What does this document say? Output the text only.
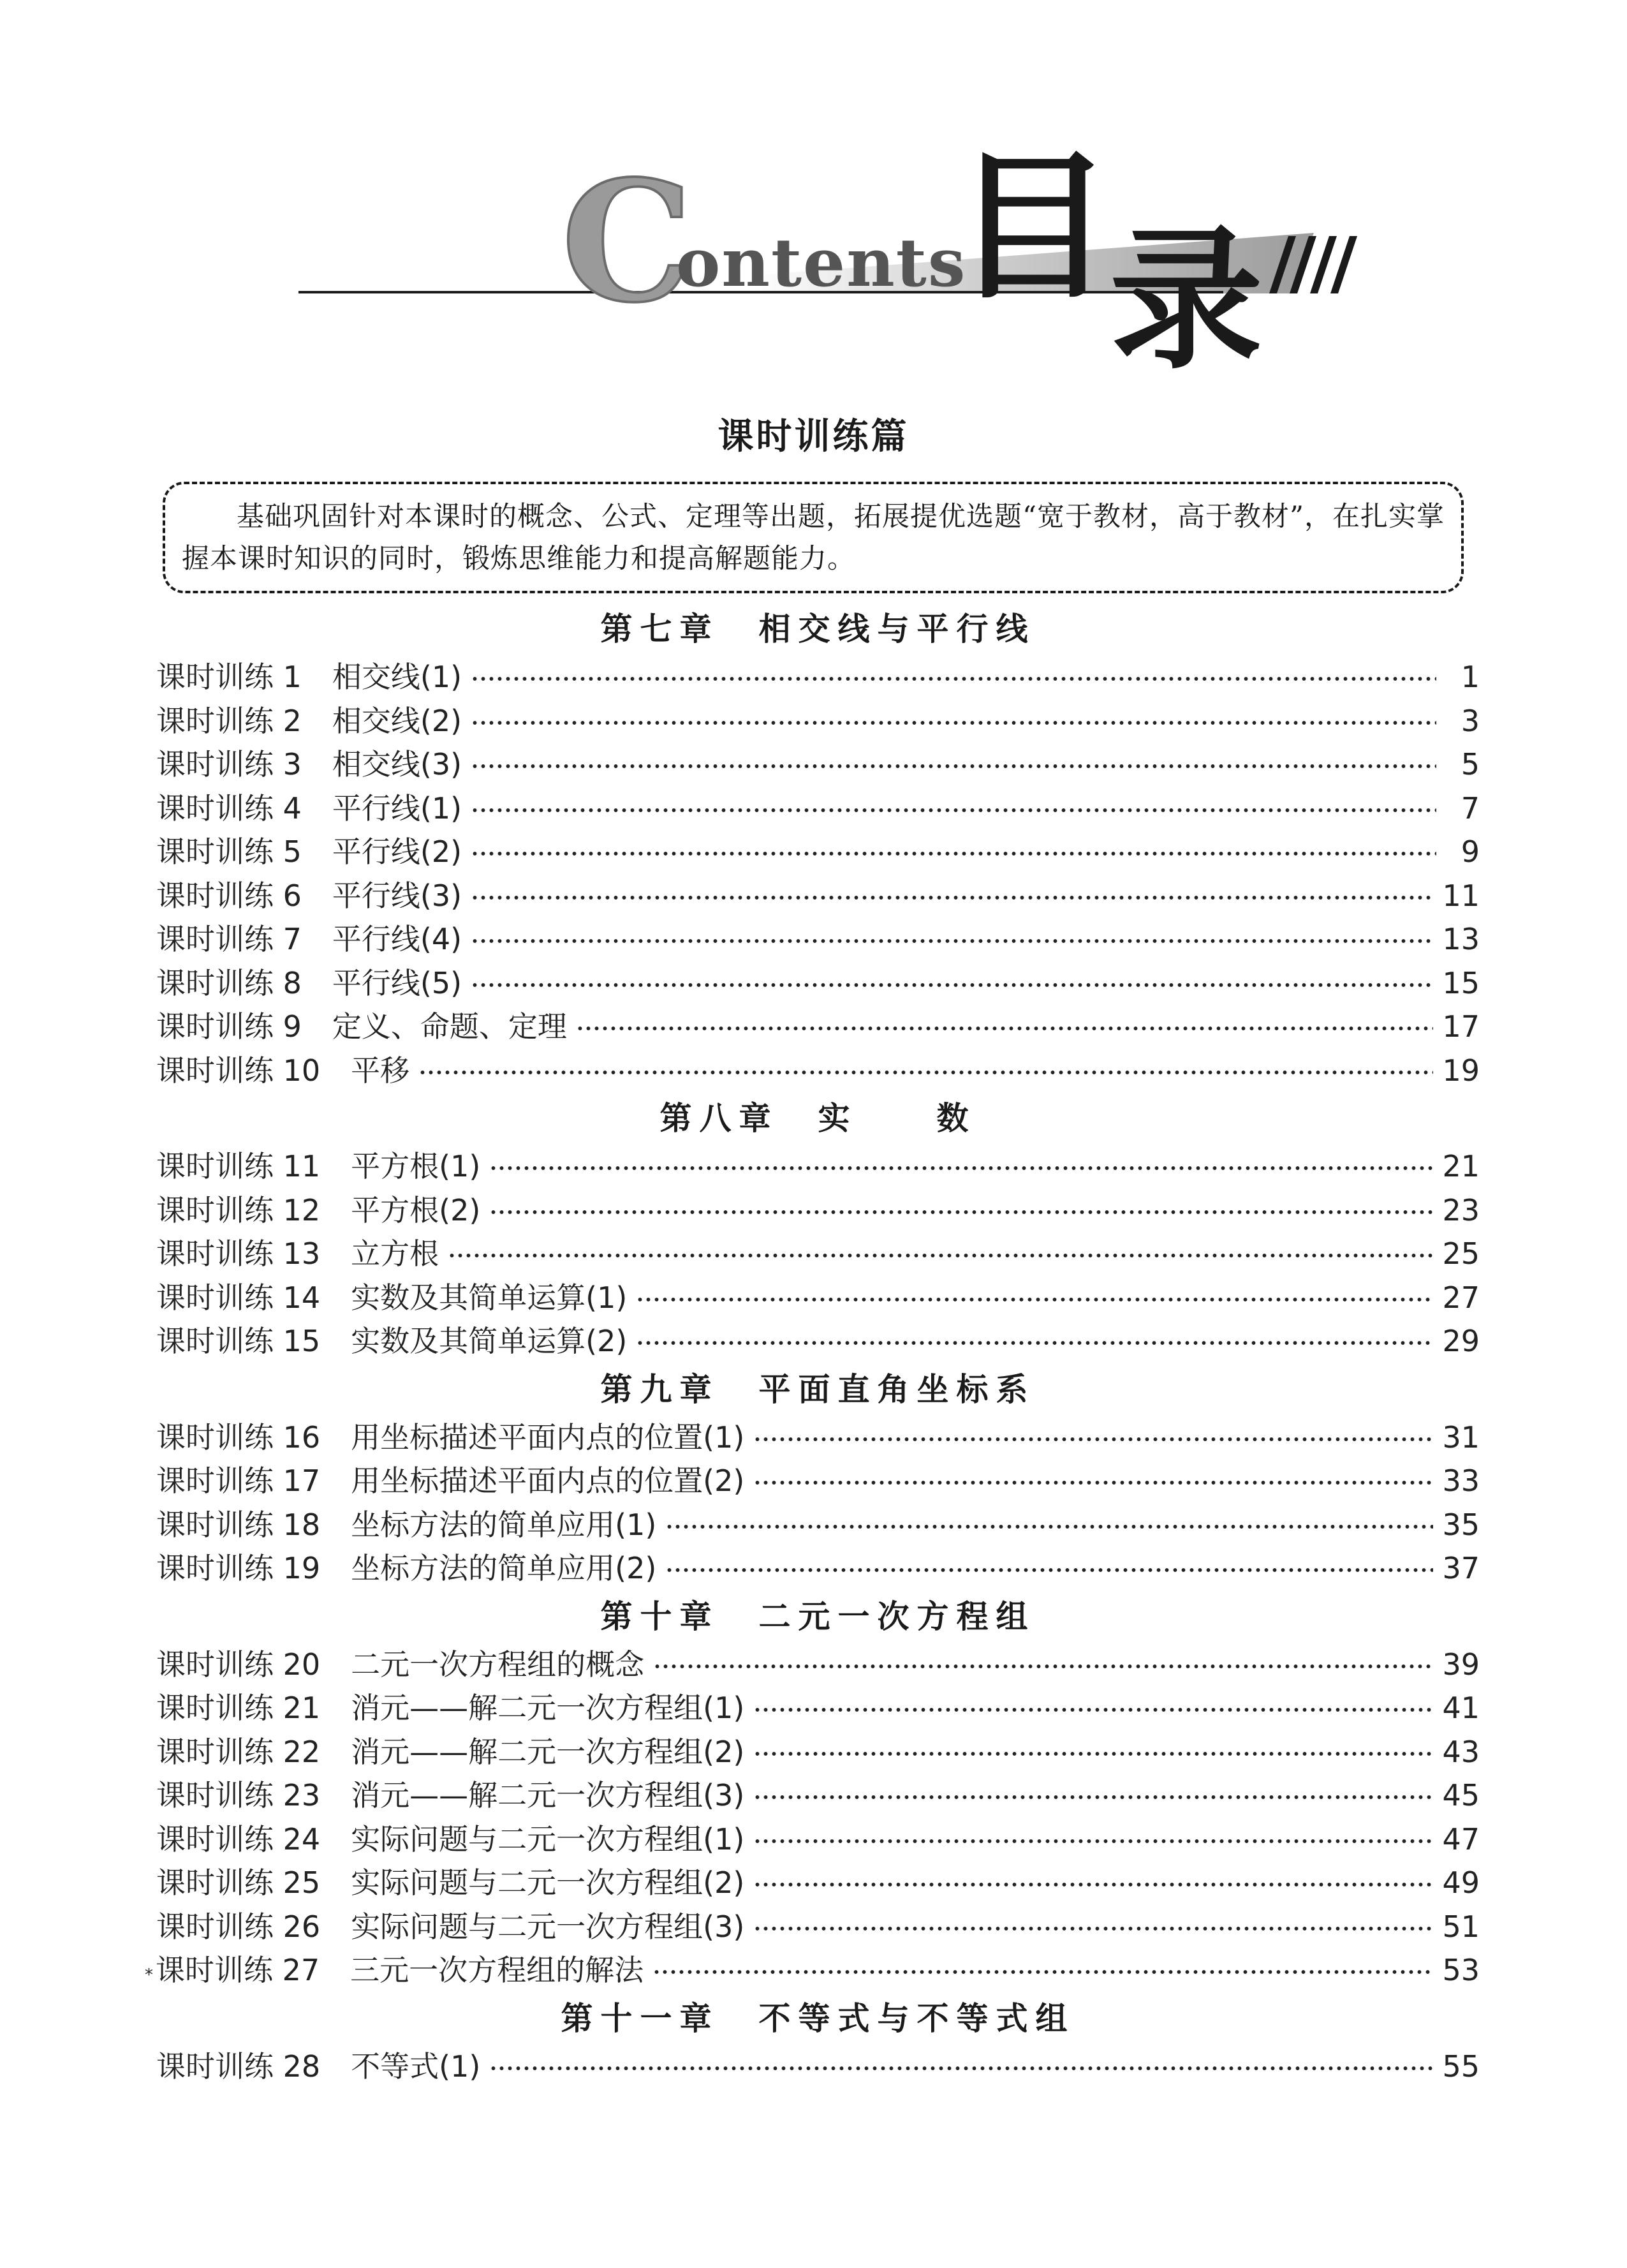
C
ontents
目
录
课时训练篇

基础巩固针对本课时的概念、公式、定理等出题，拓展提优选题“宽于教材，高于教材”，在扎实掌握本课时知识的同时，锻炼思维能力和提高解题能力。

第七章　相交线与平行线
课时训练 1 相交线(1)	1
课时训练 2 相交线(2)	3
课时训练 3 相交线(3)	5
课时训练 4 平行线(1)	7
课时训练 5 平行线(2)	9
课时训练 6 平行线(3)	11
课时训练 7 平行线(4)	13
课时训练 8 平行线(5)	15
课时训练 9 定义、命题、定理	17
课时训练 10 平移	19
第八章　实　　数
课时训练 11 平方根(1)	21
课时训练 12 平方根(2)	23
课时训练 13 立方根	25
课时训练 14 实数及其简单运算(1)	27
课时训练 15 实数及其简单运算(2)	29
第九章　平面直角坐标系
课时训练 16 用坐标描述平面内点的位置(1)	31
课时训练 17 用坐标描述平面内点的位置(2)	33
课时训练 18 坐标方法的简单应用(1)	35
课时训练 19 坐标方法的简单应用(2)	37
第十章　二元一次方程组
课时训练 20 二元一次方程组的概念	39
课时训练 21 消元——解二元一次方程组(1)	41
课时训练 22 消元——解二元一次方程组(2)	43
课时训练 23 消元——解二元一次方程组(3)	45
课时训练 24 实际问题与二元一次方程组(1)	47
课时训练 25 实际问题与二元一次方程组(2)	49
课时训练 26 实际问题与二元一次方程组(3)	51
* 课时训练 27 三元一次方程组的解法	53
第十一章　不等式与不等式组
课时训练 28 不等式(1)	55
